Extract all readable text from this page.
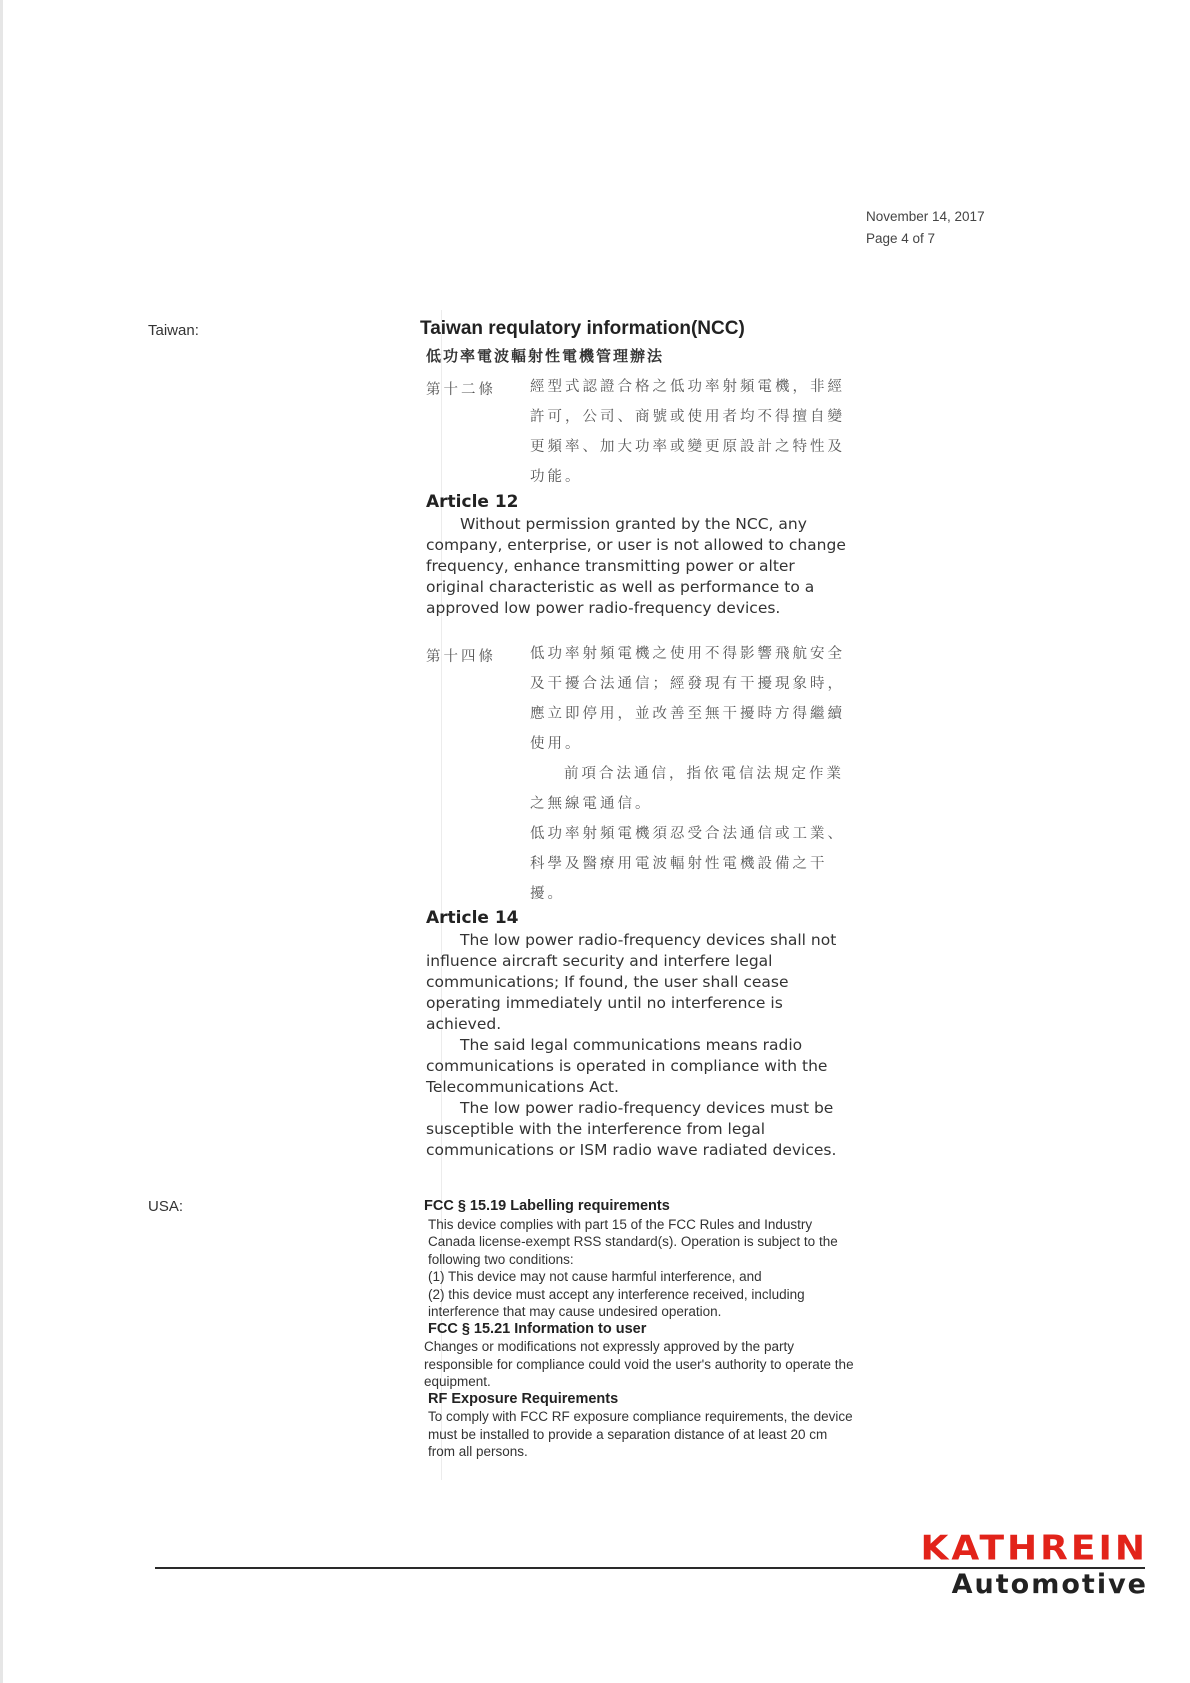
November 14, 2017
Page 4 of 7
Taiwan:
USA:
Taiwan requlatory information(NCC)
低功率電波輻射性電機管理辦法
第十二條 經型式認證合格之低功率射頻電機，非經
許可，公司、商號或使用者均不得擅自變
更頻率、加大功率或變更原設計之特性及
功能。
Article 12

Without permission granted by the NCC, any company, enterprise, or user is not allowed to change frequency, enhance transmitting power or alter original characteristic as well as performance to a approved low power radio-frequency devices.

第十四條 低功率射頻電機之使用不得影響飛航安全
及干擾合法通信；經發現有干擾現象時，
應立即停用，並改善至無干擾時方得繼續
使用。
前項合法通信，指依電信法規定作業
之無線電通信。
低功率射頻電機須忍受合法通信或工業、
科學及醫療用電波輻射性電機設備之干
擾。
Article 14

The low power radio-frequency devices shall not influence aircraft security and interfere legal communications; If found, the user shall cease operating immediately until no interference is achieved.

The said legal communications means radio communications is operated in compliance with the Telecommunications Act.

The low power radio-frequency devices must be susceptible with the interference from legal communications or ISM radio wave radiated devices.

FCC § 15.19 Labelling requirements

This device complies with part 15 of the FCC Rules and Industry Canada license-exempt RSS standard(s). Operation is subject to the following two conditions:

(1) This device may not cause harmful interference, and

(2) this device must accept any interference received, including interference that may cause undesired operation.

FCC § 15.21 Information to user

Changes or modifications not expressly approved by the party responsible for compliance could void the user's authority to operate the equipment.

RF Exposure Requirements

To comply with FCC RF exposure compliance requirements, the device must be installed to provide a separation distance of at least 20 cm from all persons.

KATHREIN
Automotive
